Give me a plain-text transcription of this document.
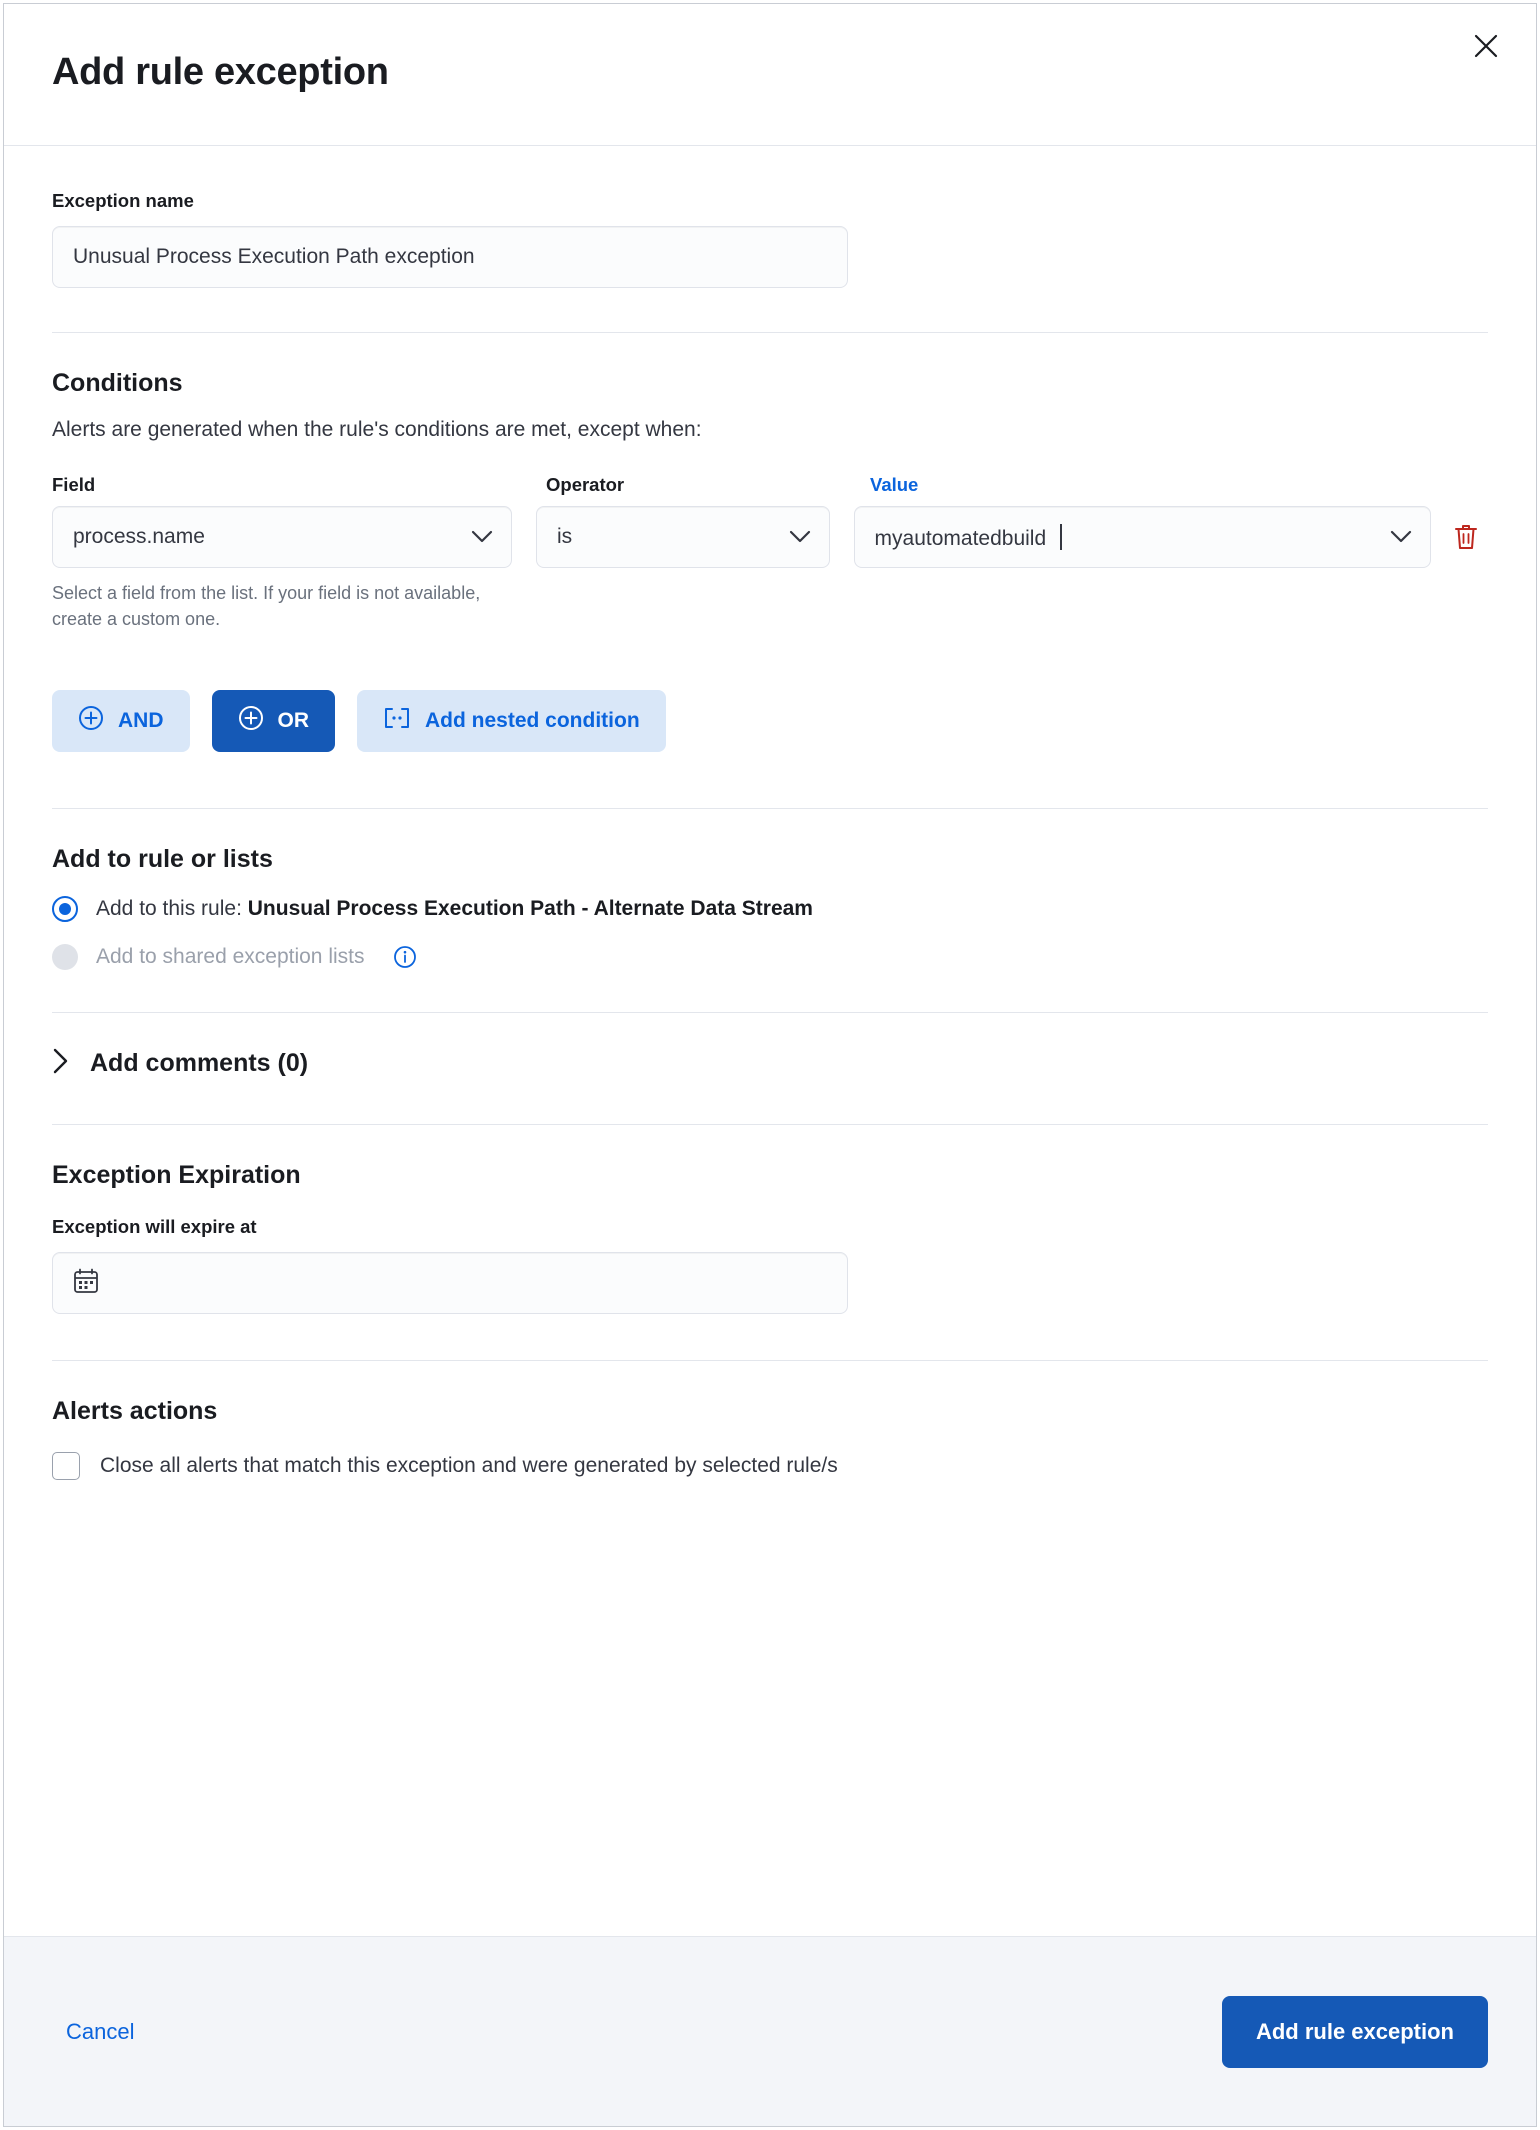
Add rule exception
Exception name
Unusual Process Execution Path exception
Conditions
Alerts are generated when the rule's conditions are met, except when:
Field	Operator	Value
process.name	is	myautomatedbuild
Select a field from the list. If your field is not available, create a custom one.
AND	OR	Add nested condition
Add to rule or lists
Add to this rule: Unusual Process Execution Path - Alternate Data Stream
Add to shared exception lists
Add comments (0)
Exception Expiration
Exception will expire at
Alerts actions
Close all alerts that match this exception and were generated by selected rule/s
Cancel	Add rule exception
